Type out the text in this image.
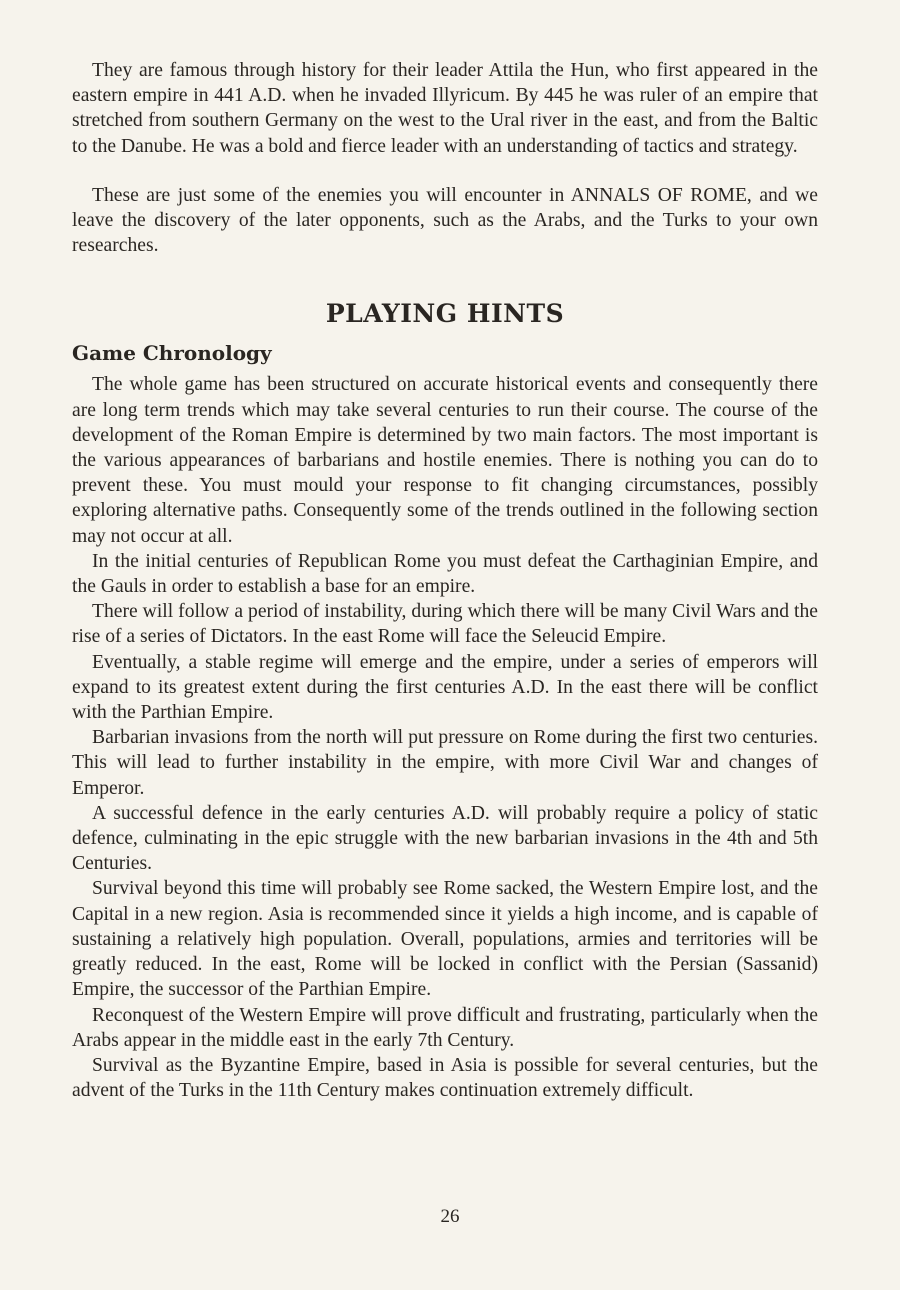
They are famous through history for their leader Attila the Hun, who first appeared in the eastern empire in 441 A.D. when he invaded Illyricum. By 445 he was ruler of an empire that stretched from southern Germany on the west to the Ural river in the east, and from the Baltic to the Danube. He was a bold and fierce leader with an understanding of tactics and strategy.

These are just some of the enemies you will encounter in ANNALS OF ROME, and we leave the discovery of the later opponents, such as the Arabs, and the Turks to your own researches.

PLAYING HINTS
Game Chronology

The whole game has been structured on accurate historical events and consequently there are long term trends which may take several centuries to run their course. The course of the development of the Roman Empire is determined by two main factors. The most important is the various appearances of barbarians and hostile enemies. There is nothing you can do to prevent these. You must mould your response to fit changing circumstances, possibly exploring alternative paths. Consequently some of the trends outlined in the following section may not occur at all.

In the initial centuries of Republican Rome you must defeat the Carthaginian Empire, and the Gauls in order to establish a base for an empire.

There will follow a period of instability, during which there will be many Civil Wars and the rise of a series of Dictators. In the east Rome will face the Seleucid Empire.

Eventually, a stable regime will emerge and the empire, under a series of emperors will expand to its greatest extent during the first centuries A.D. In the east there will be conflict with the Parthian Empire.

Barbarian invasions from the north will put pressure on Rome during the first two centuries. This will lead to further instability in the empire, with more Civil War and changes of Emperor.

A successful defence in the early centuries A.D. will probably require a policy of static defence, culminating in the epic struggle with the new barbarian invasions in the 4th and 5th Centuries.

Survival beyond this time will probably see Rome sacked, the Western Empire lost, and the Capital in a new region. Asia is recommended since it yields a high income, and is capable of sustaining a relatively high population. Overall, populations, armies and territories will be greatly reduced. In the east, Rome will be locked in conflict with the Persian (Sassanid) Empire, the successor of the Parthian Empire.

Reconquest of the Western Empire will prove difficult and frustrating, particularly when the Arabs appear in the middle east in the early 7th Century.

Survival as the Byzantine Empire, based in Asia is possible for several centuries, but the advent of the Turks in the 11th Century makes continuation extremely difficult.

26
